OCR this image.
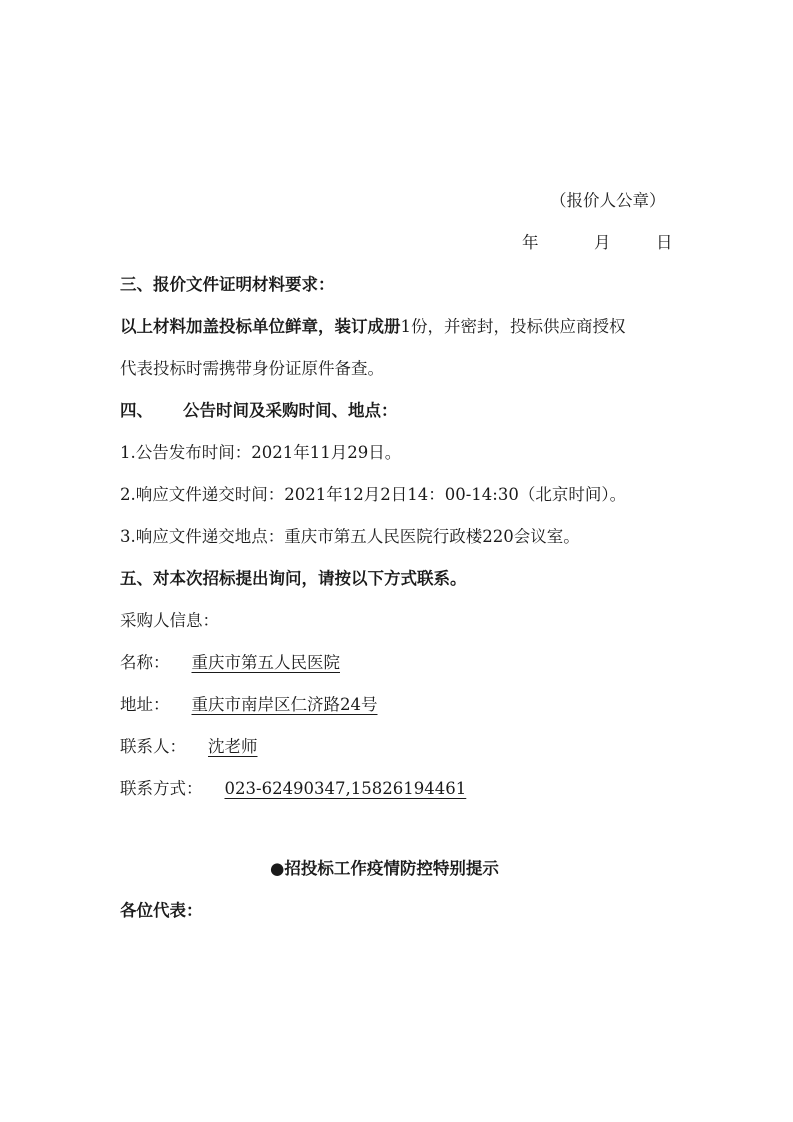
（报价人公章）
年	月	日
三、报价文件证明材料要求：
以上材料加盖投标单位鲜章，装订成册1份，并密封，投标供应商授权
代表投标时需携带身份证原件备查。
四、 公告时间及采购时间、地点：
1.公告发布时间：2021年11月29日。
2.响应文件递交时间：2021年12月2日14：00-14:30（北京时间）。
3.响应文件递交地点：重庆市第五人民医院行政楼220会议室。
五、对本次招标提出询问，请按以下方式联系。
采购人信息：
名称： 重庆市第五人民医院
地址： 重庆市南岸区仁济路24号
联系人： 沈老师
联系方式： 023-62490347,15826194461
●招投标工作疫情防控特别提示
各位代表：
